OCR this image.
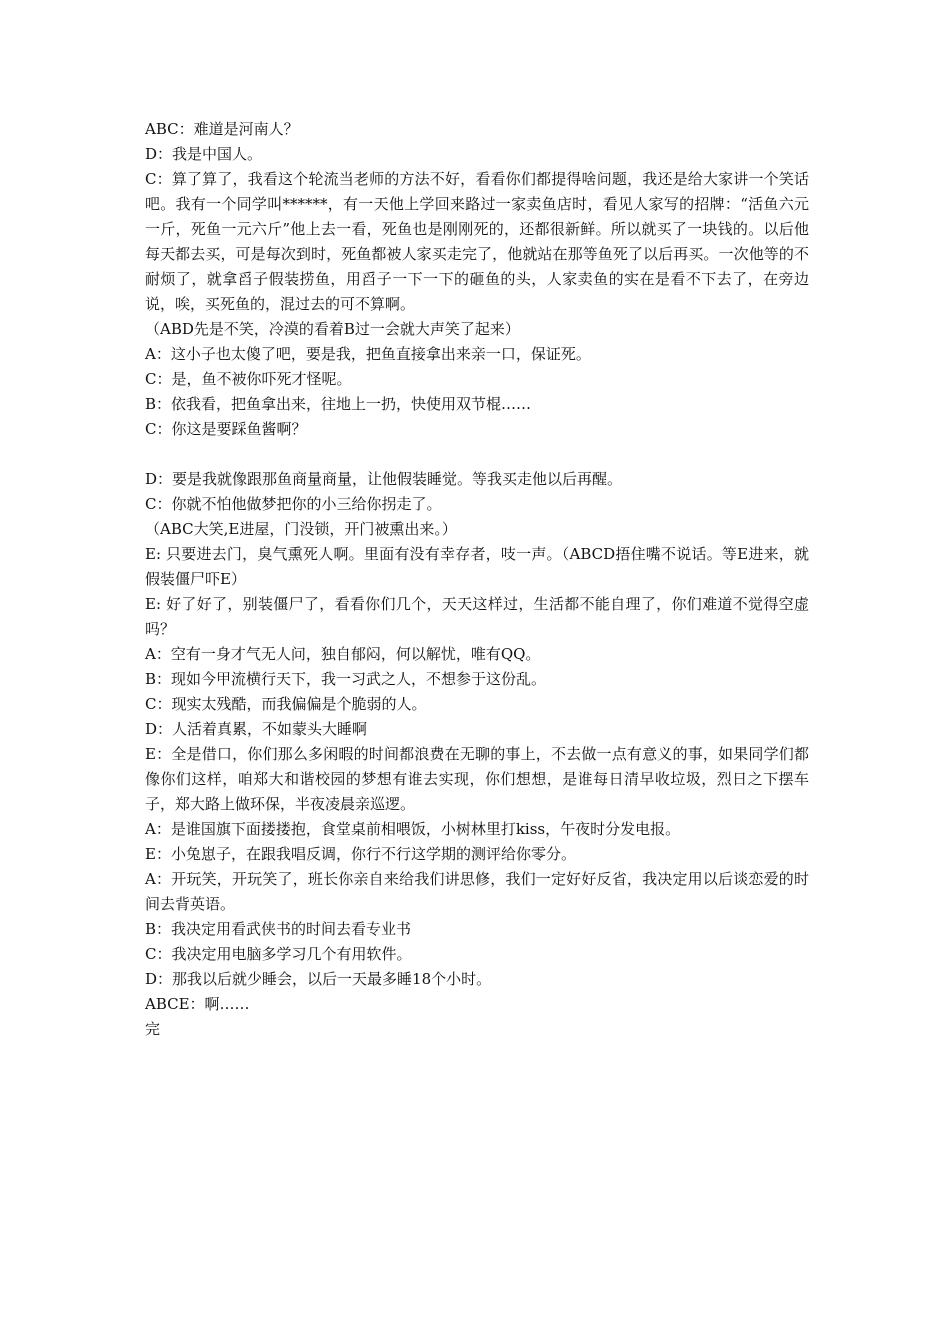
ABC：难道是河南人？

D：我是中国人。

C：算了算了，我看这个轮流当老师的方法不好，看看你们都提得啥问题，我还是给大家讲一个笑话吧。我有一个同学叫******，有一天他上学回来路过一家卖鱼店时，看见人家写的招牌：“活鱼六元一斤，死鱼一元六斤”他上去一看，死鱼也是刚刚死的，还都很新鲜。所以就买了一块钱的。以后他每天都去买，可是每次到时，死鱼都被人家买走完了，他就站在那等鱼死了以后再买。一次他等的不耐烦了，就拿舀子假装捞鱼，用舀子一下一下的砸鱼的头，人家卖鱼的实在是看不下去了，在旁边说，唉，买死鱼的，混过去的可不算啊。

（ABD先是不笑，冷漠的看着B过一会就大声笑了起来）

A：这小子也太傻了吧，要是我，把鱼直接拿出来亲一口，保证死。

C：是，鱼不被你吓死才怪呢。

B：依我看，把鱼拿出来，往地上一扔，快使用双节棍……

C：你这是要踩鱼酱啊？

D：要是我就像跟那鱼商量商量，让他假装睡觉。等我买走他以后再醒。

C：你就不怕他做梦把你的小三给你拐走了。

（ABC大笑,E进屋，门没锁，开门被熏出来。）

E: 只要进去门，臭气熏死人啊。里面有没有幸存者，吱一声。（ABCD捂住嘴不说话。等E进来，就假装僵尸吓E）

E: 好了好了，别装僵尸了，看看你们几个，天天这样过，生活都不能自理了，你们难道不觉得空虚吗？

A：空有一身才气无人问，独自郁闷，何以解忧，唯有QQ。

B：现如今甲流横行天下，我一习武之人，不想参于这份乱。

C：现实太残酷，而我偏偏是个脆弱的人。

D：人活着真累，不如蒙头大睡啊

E：全是借口，你们那么多闲暇的时间都浪费在无聊的事上，不去做一点有意义的事，如果同学们都像你们这样，咱郑大和谐校园的梦想有谁去实现，你们想想，是谁每日清早收垃圾，烈日之下摆车子，郑大路上做环保，半夜凌晨亲巡逻。

A：是谁国旗下面搂搂抱，食堂桌前相喂饭，小树林里打kiss，午夜时分发电报。

E：小兔崽子，在跟我唱反调，你行不行这学期的测评给你零分。

A：开玩笑，开玩笑了，班长你亲自来给我们讲思修，我们一定好好反省，我决定用以后谈恋爱的时间去背英语。

B：我决定用看武侠书的时间去看专业书

C：我决定用电脑多学习几个有用软件。

D：那我以后就少睡会，以后一天最多睡18个小时。

ABCE：啊……

完
